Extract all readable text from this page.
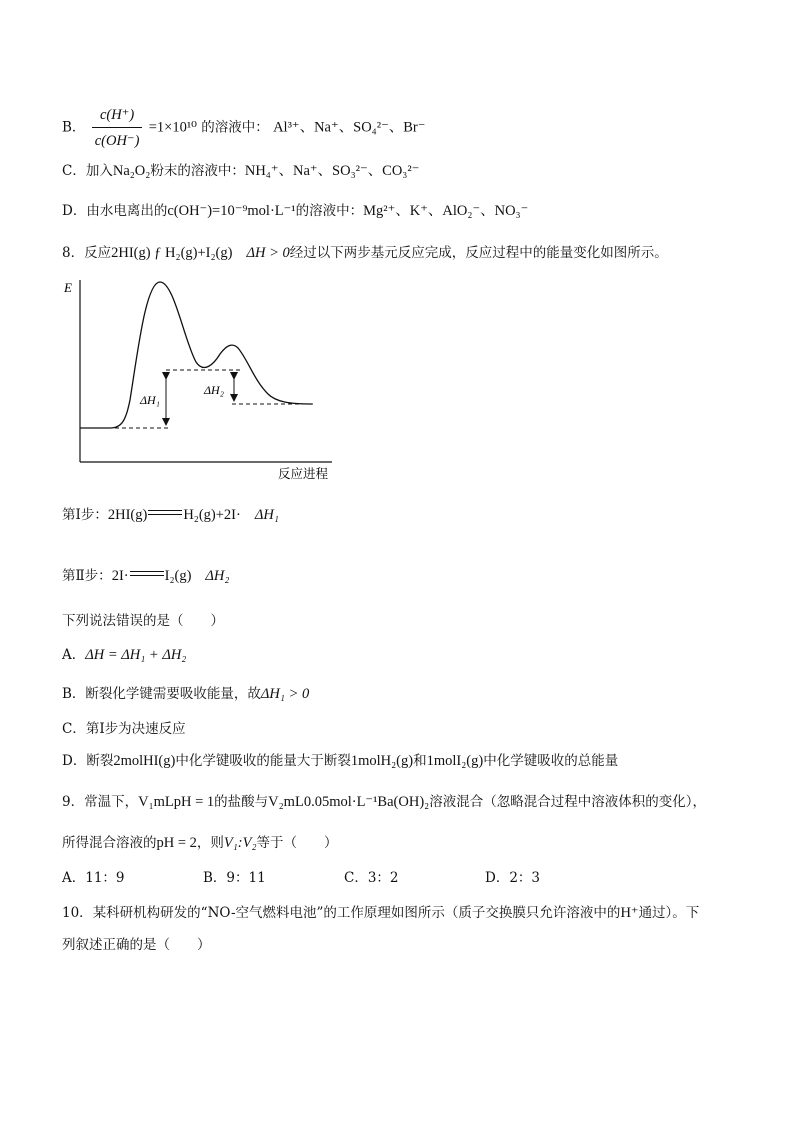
B． $\frac{c(H^+)}{c(OH^-)} =1\times 10^{10}$ 的溶液中： Al³⁺、Na⁺、SO₄²⁻、Br⁻
C．加入Na₂O₂粉末的溶液中：NH₄⁺、Na⁺、SO₃²⁻、CO₃²⁻
D．由水电离出的c(OH⁻)=10⁻⁹mol·L⁻¹的溶液中：Mg²⁺、K⁺、AlO₂⁻、NO₃⁻
8．反应2HI(g) ƒ H₂(g)+I₂(g) ΔH > 0经过以下两步基元反应完成，反应过程中的能量变化如图所示。
E
反应进程
ΔH₁
ΔH₂
第Ⅰ步：2HI(g) H₂(g)+2I· ΔH₁
第Ⅱ步：2I· I₂(g) ΔH₂
下列说法错误的是（　　）
A．ΔH = ΔH₁ + ΔH₂
B．断裂化学键需要吸收能量，故ΔH₁ > 0
C．第Ⅰ步为决速反应
D．断裂2molHI(g)中化学键吸收的能量大于断裂1molH₂(g)和1molI₂(g)中化学键吸收的总能量
9．常温下，V₁mLpH = 1的盐酸与V₂mL0.05mol·L⁻¹Ba(OH)₂溶液混合（忽略混合过程中溶液体积的变化），
所得混合溶液的pH = 2，则V₁:V₂等于（　　）
A．11：9	B．9：11	C．3：2	D．2：3
10．某科研机构研发的“NO-空气燃料电池”的工作原理如图所示（质子交换膜只允许溶液中的H⁺通过）。下
列叙述正确的是（　　）
